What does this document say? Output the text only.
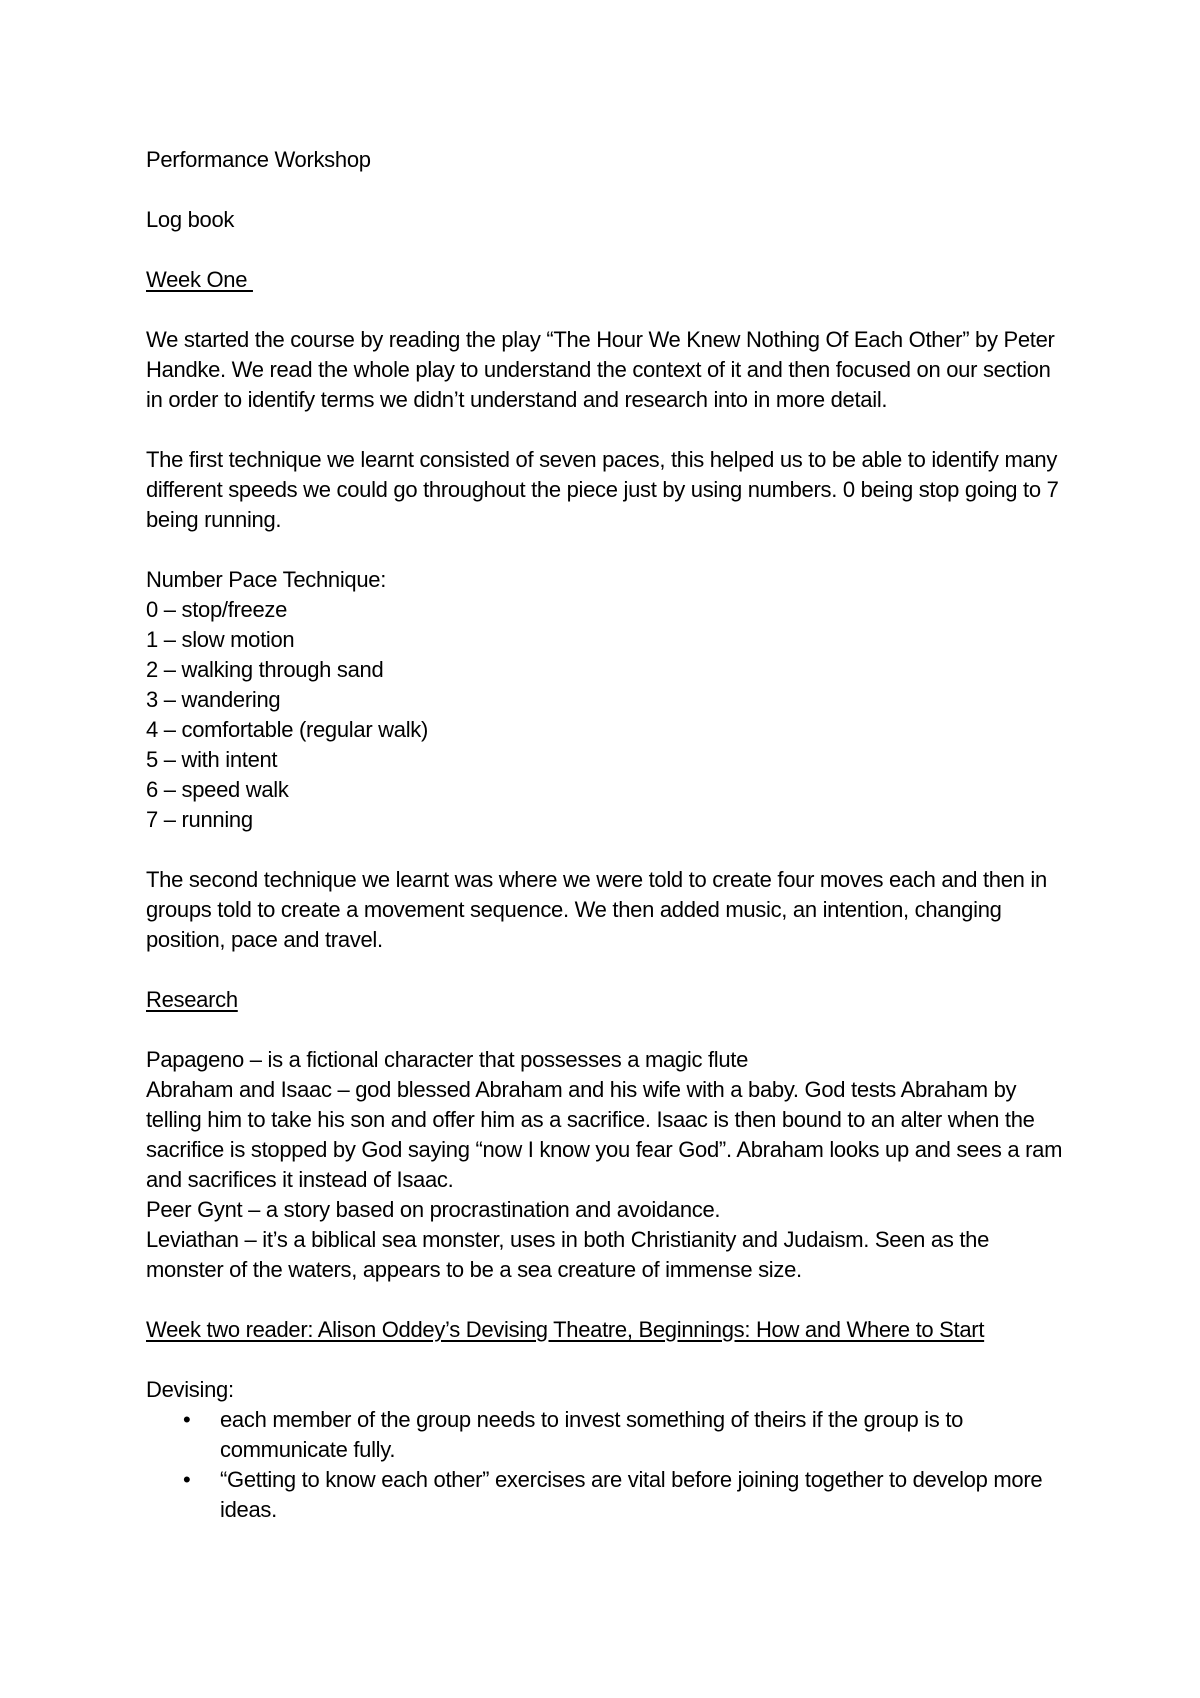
Performance Workshop
Log book
Week One

We started the course by reading the play “The Hour We Knew Nothing Of Each Other” by Peter Handke. We read the whole play to understand the context of it and then focused on our section in order to identify terms we didn’t understand and research into in more detail.

The first technique we learnt consisted of seven paces, this helped us to be able to identify many different speeds we could go throughout the piece just by using numbers. 0 being stop going to 7 being running.

Number Pace Technique:
0 – stop/freeze
1 – slow motion
2 – walking through sand
3 – wandering
4 – comfortable (regular walk)
5 – with intent
6 – speed walk
7 – running

The second technique we learnt was where we were told to create four moves each and then in groups told to create a movement sequence. We then added music, an intention, changing position, pace and travel.

Research
Papageno – is a fictional character that possesses a magic flute
Abraham and Isaac – god blessed Abraham and his wife with a baby. God tests Abraham by telling him to take his son and offer him as a sacrifice. Isaac is then bound to an alter when the sacrifice is stopped by God saying “now I know you fear God”. Abraham looks up and sees a ram and sacrifices it instead of Isaac.
Peer Gynt – a story based on procrastination and avoidance.
Leviathan – it’s a biblical sea monster, uses in both Christianity and Judaism. Seen as the monster of the waters, appears to be a sea creature of immense size.
Week two reader: Alison Oddey’s Devising Theatre, Beginnings: How and Where to Start
Devising:
• each member of the group needs to invest something of theirs if the group is to communicate fully.
• “Getting to know each other” exercises are vital before joining together to develop more ideas.
